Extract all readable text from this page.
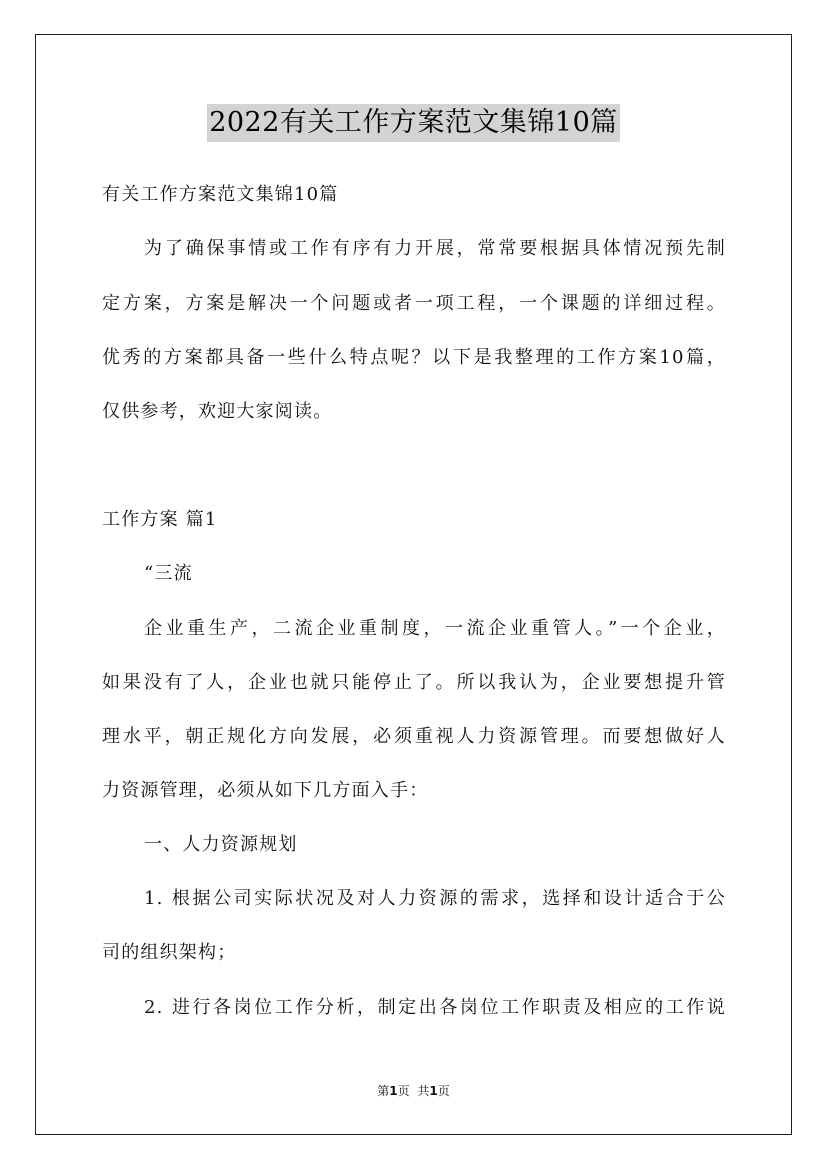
2022有关工作方案范文集锦10篇
有关工作方案范文集锦10篇
为了确保事情或工作有序有力开展，常常要根据具体情况预先制
定方案，方案是解决一个问题或者一项工程，一个课题的详细过程。
优秀的方案都具备一些什么特点呢？以下是我整理的工作方案10篇，
仅供参考，欢迎大家阅读。
工作方案 篇1
“三流
企业重生产，二流企业重制度，一流企业重管人。”一个企业，
如果没有了人，企业也就只能停止了。所以我认为，企业要想提升管
理水平，朝正规化方向发展，必须重视人力资源管理。而要想做好人
力资源管理，必须从如下几方面入手：
一、人力资源规划
1. 根据公司实际状况及对人力资源的需求，选择和设计适合于公
司的组织架构；
2. 进行各岗位工作分析，制定出各岗位工作职责及相应的工作说
第1页 共1页
